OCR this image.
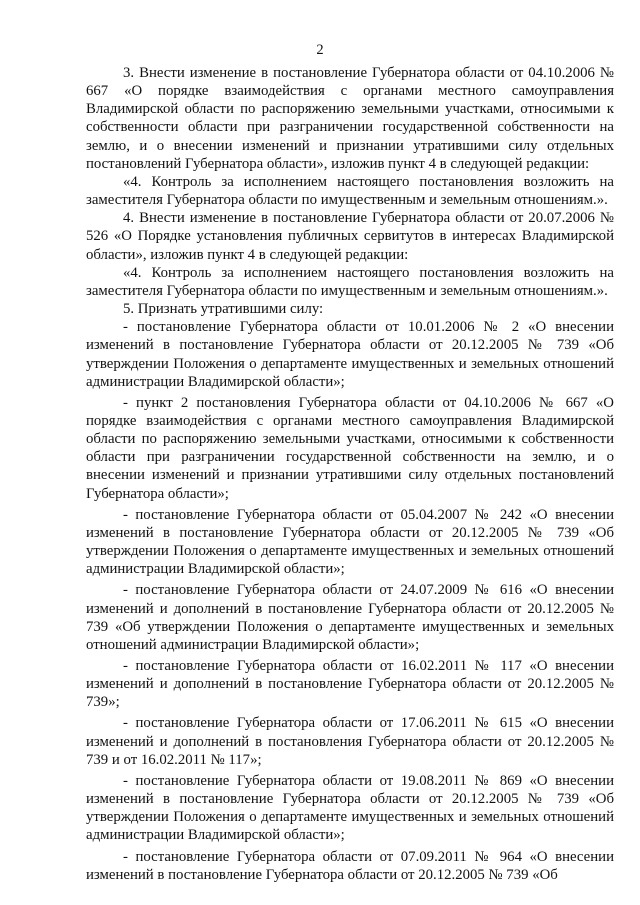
2

3. Внести изменение в постановление Губернатора области от 04.10.2006 № 667 «О порядке взаимодействия с органами местного самоуправления Владимирской области по распоряжению земельными участками, относимыми к собственности области при разграничении государственной собственности на землю, и о внесении изменений и признании утратившими силу отдельных постановлений Губернатора области», изложив пункт 4 в следующей редакции:

«4. Контроль за исполнением настоящего постановления возложить на заместителя Губернатора области по имущественным и земельным отношениям.».

4. Внести изменение в постановление Губернатора области от 20.07.2006 № 526 «О Порядке установления публичных сервитутов в интересах Владимирской области», изложив пункт 4 в следующей редакции:

«4. Контроль за исполнением настоящего постановления возложить на заместителя Губернатора области по имущественным и земельным отношениям.».

5. Признать утратившими силу:

- постановление Губернатора области от 10.01.2006 № 2 «О внесении изменений в постановление Губернатора области от 20.12.2005 № 739 «Об утверждении Положения о департаменте имущественных и земельных отношений администрации Владимирской области»;

- пункт 2 постановления Губернатора области от 04.10.2006 № 667 «О порядке взаимодействия с органами местного самоуправления Владимирской области по распоряжению земельными участками, относимыми к собственности области при разграничении государственной собственности на землю, и о внесении изменений и признании утратившими силу отдельных постановлений Губернатора области»;

- постановление Губернатора области от 05.04.2007 № 242 «О внесении изменений в постановление Губернатора области от 20.12.2005 № 739 «Об утверждении Положения о департаменте имущественных и земельных отношений администрации Владимирской области»;

- постановление Губернатора области от 24.07.2009 № 616 «О внесении изменений и дополнений в постановление Губернатора области от 20.12.2005 № 739 «Об утверждении Положения о департаменте имущественных и земельных отношений администрации Владимирской области»;

- постановление Губернатора области от 16.02.2011 № 117 «О внесении изменений и дополнений в постановление Губернатора области от 20.12.2005 № 739»;

- постановление Губернатора области от 17.06.2011 № 615 «О внесении изменений и дополнений в постановления Губернатора области от 20.12.2005 № 739 и от 16.02.2011 № 117»;

- постановление Губернатора области от 19.08.2011 № 869 «О внесении изменений в постановление Губернатора области от 20.12.2005 № 739 «Об утверждении Положения о департаменте имущественных и земельных отношений администрации Владимирской области»;

- постановление Губернатора области от 07.09.2011 № 964 «О внесении изменений в постановление Губернатора области от 20.12.2005 № 739 «Об
